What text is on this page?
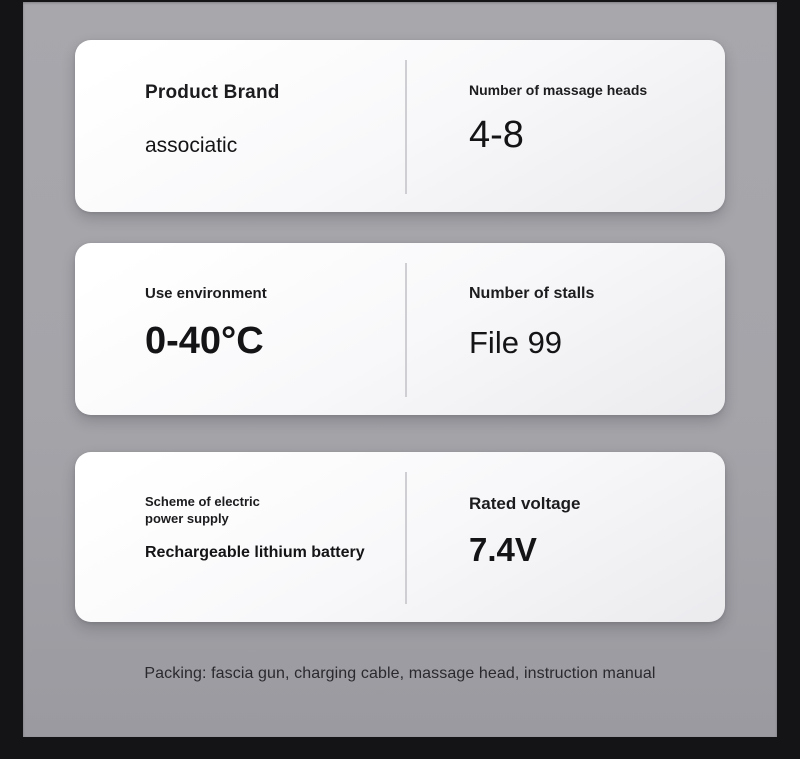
Product Brand
associatic
Number of massage heads
4-8
Use environment
0-40°C
Number of stalls
File 99
Scheme of electric power supply
Rechargeable lithium battery
Rated voltage
7.4V

Packing: fascia gun, charging cable, massage head, instruction manual
